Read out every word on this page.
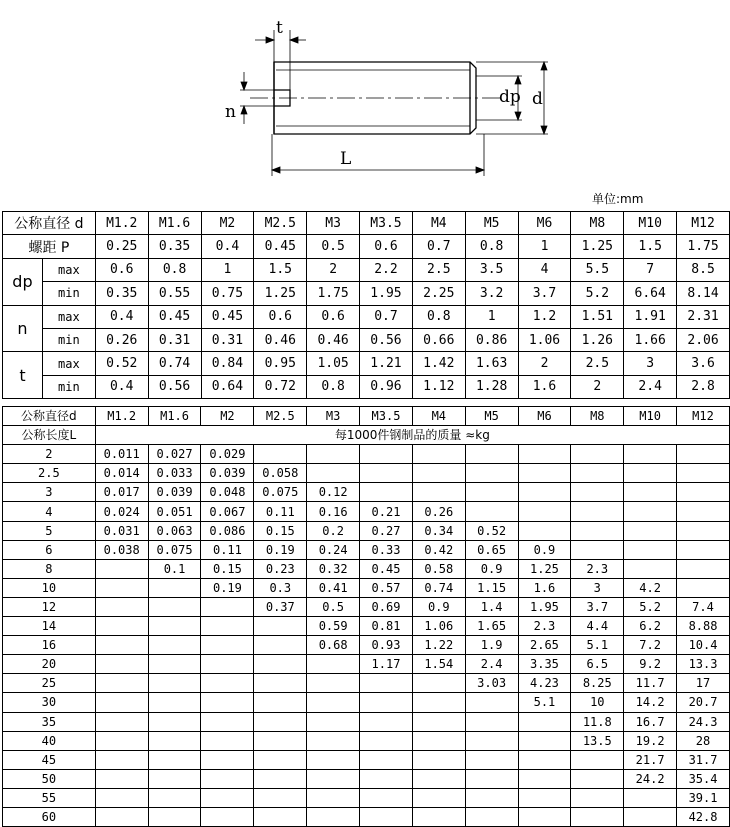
t
n
dp d
L
单位:mm
公称直径 d		M1.2	M1.6	M2	M2.5	M3	M3.5	M4	M5	M6	M8	M10	M12
螺距 P		0.25	0.35	0.4	0.45	0.5	0.6	0.7	0.8	1	1.25	1.5	1.75
dp	max	0.6	0.8	1	1.5	2	2.2	2.5	3.5	4	5.5	7	8.5
	min	0.35	0.55	0.75	1.25	1.75	1.95	2.25	3.2	3.7	5.2	6.64	8.14
n	max	0.4	0.45	0.45	0.6	0.6	0.7	0.8	1	1.2	1.51	1.91	2.31
	min	0.26	0.31	0.31	0.46	0.46	0.56	0.66	0.86	1.06	1.26	1.66	2.06
t	max	0.52	0.74	0.84	0.95	1.05	1.21	1.42	1.63	2	2.5	3	3.6
	min	0.4	0.56	0.64	0.72	0.8	0.96	1.12	1.28	1.6	2	2.4	2.8
公称直径d	M1.2	M1.6	M2	M2.5	M3	M3.5	M4	M5	M6	M8	M10	M12
公称长度L	每1000件钢制品的质量 ≈kg											
2	0.011	0.027	0.029									
2.5	0.014	0.033	0.039	0.058								
3	0.017	0.039	0.048	0.075	0.12							
4	0.024	0.051	0.067	0.11	0.16	0.21	0.26					
5	0.031	0.063	0.086	0.15	0.2	0.27	0.34	0.52				
6	0.038	0.075	0.11	0.19	0.24	0.33	0.42	0.65	0.9			
8		0.1	0.15	0.23	0.32	0.45	0.58	0.9	1.25	2.3		
10			0.19	0.3	0.41	0.57	0.74	1.15	1.6	3	4.2	
12				0.37	0.5	0.69	0.9	1.4	1.95	3.7	5.2	7.4
14					0.59	0.81	1.06	1.65	2.3	4.4	6.2	8.88
16					0.68	0.93	1.22	1.9	2.65	5.1	7.2	10.4
20						1.17	1.54	2.4	3.35	6.5	9.2	13.3
25								3.03	4.23	8.25	11.7	17
30									5.1	10	14.2	20.7
35										11.8	16.7	24.3
40										13.5	19.2	28
45											21.7	31.7
50											24.2	35.4
55												39.1
60												42.8
